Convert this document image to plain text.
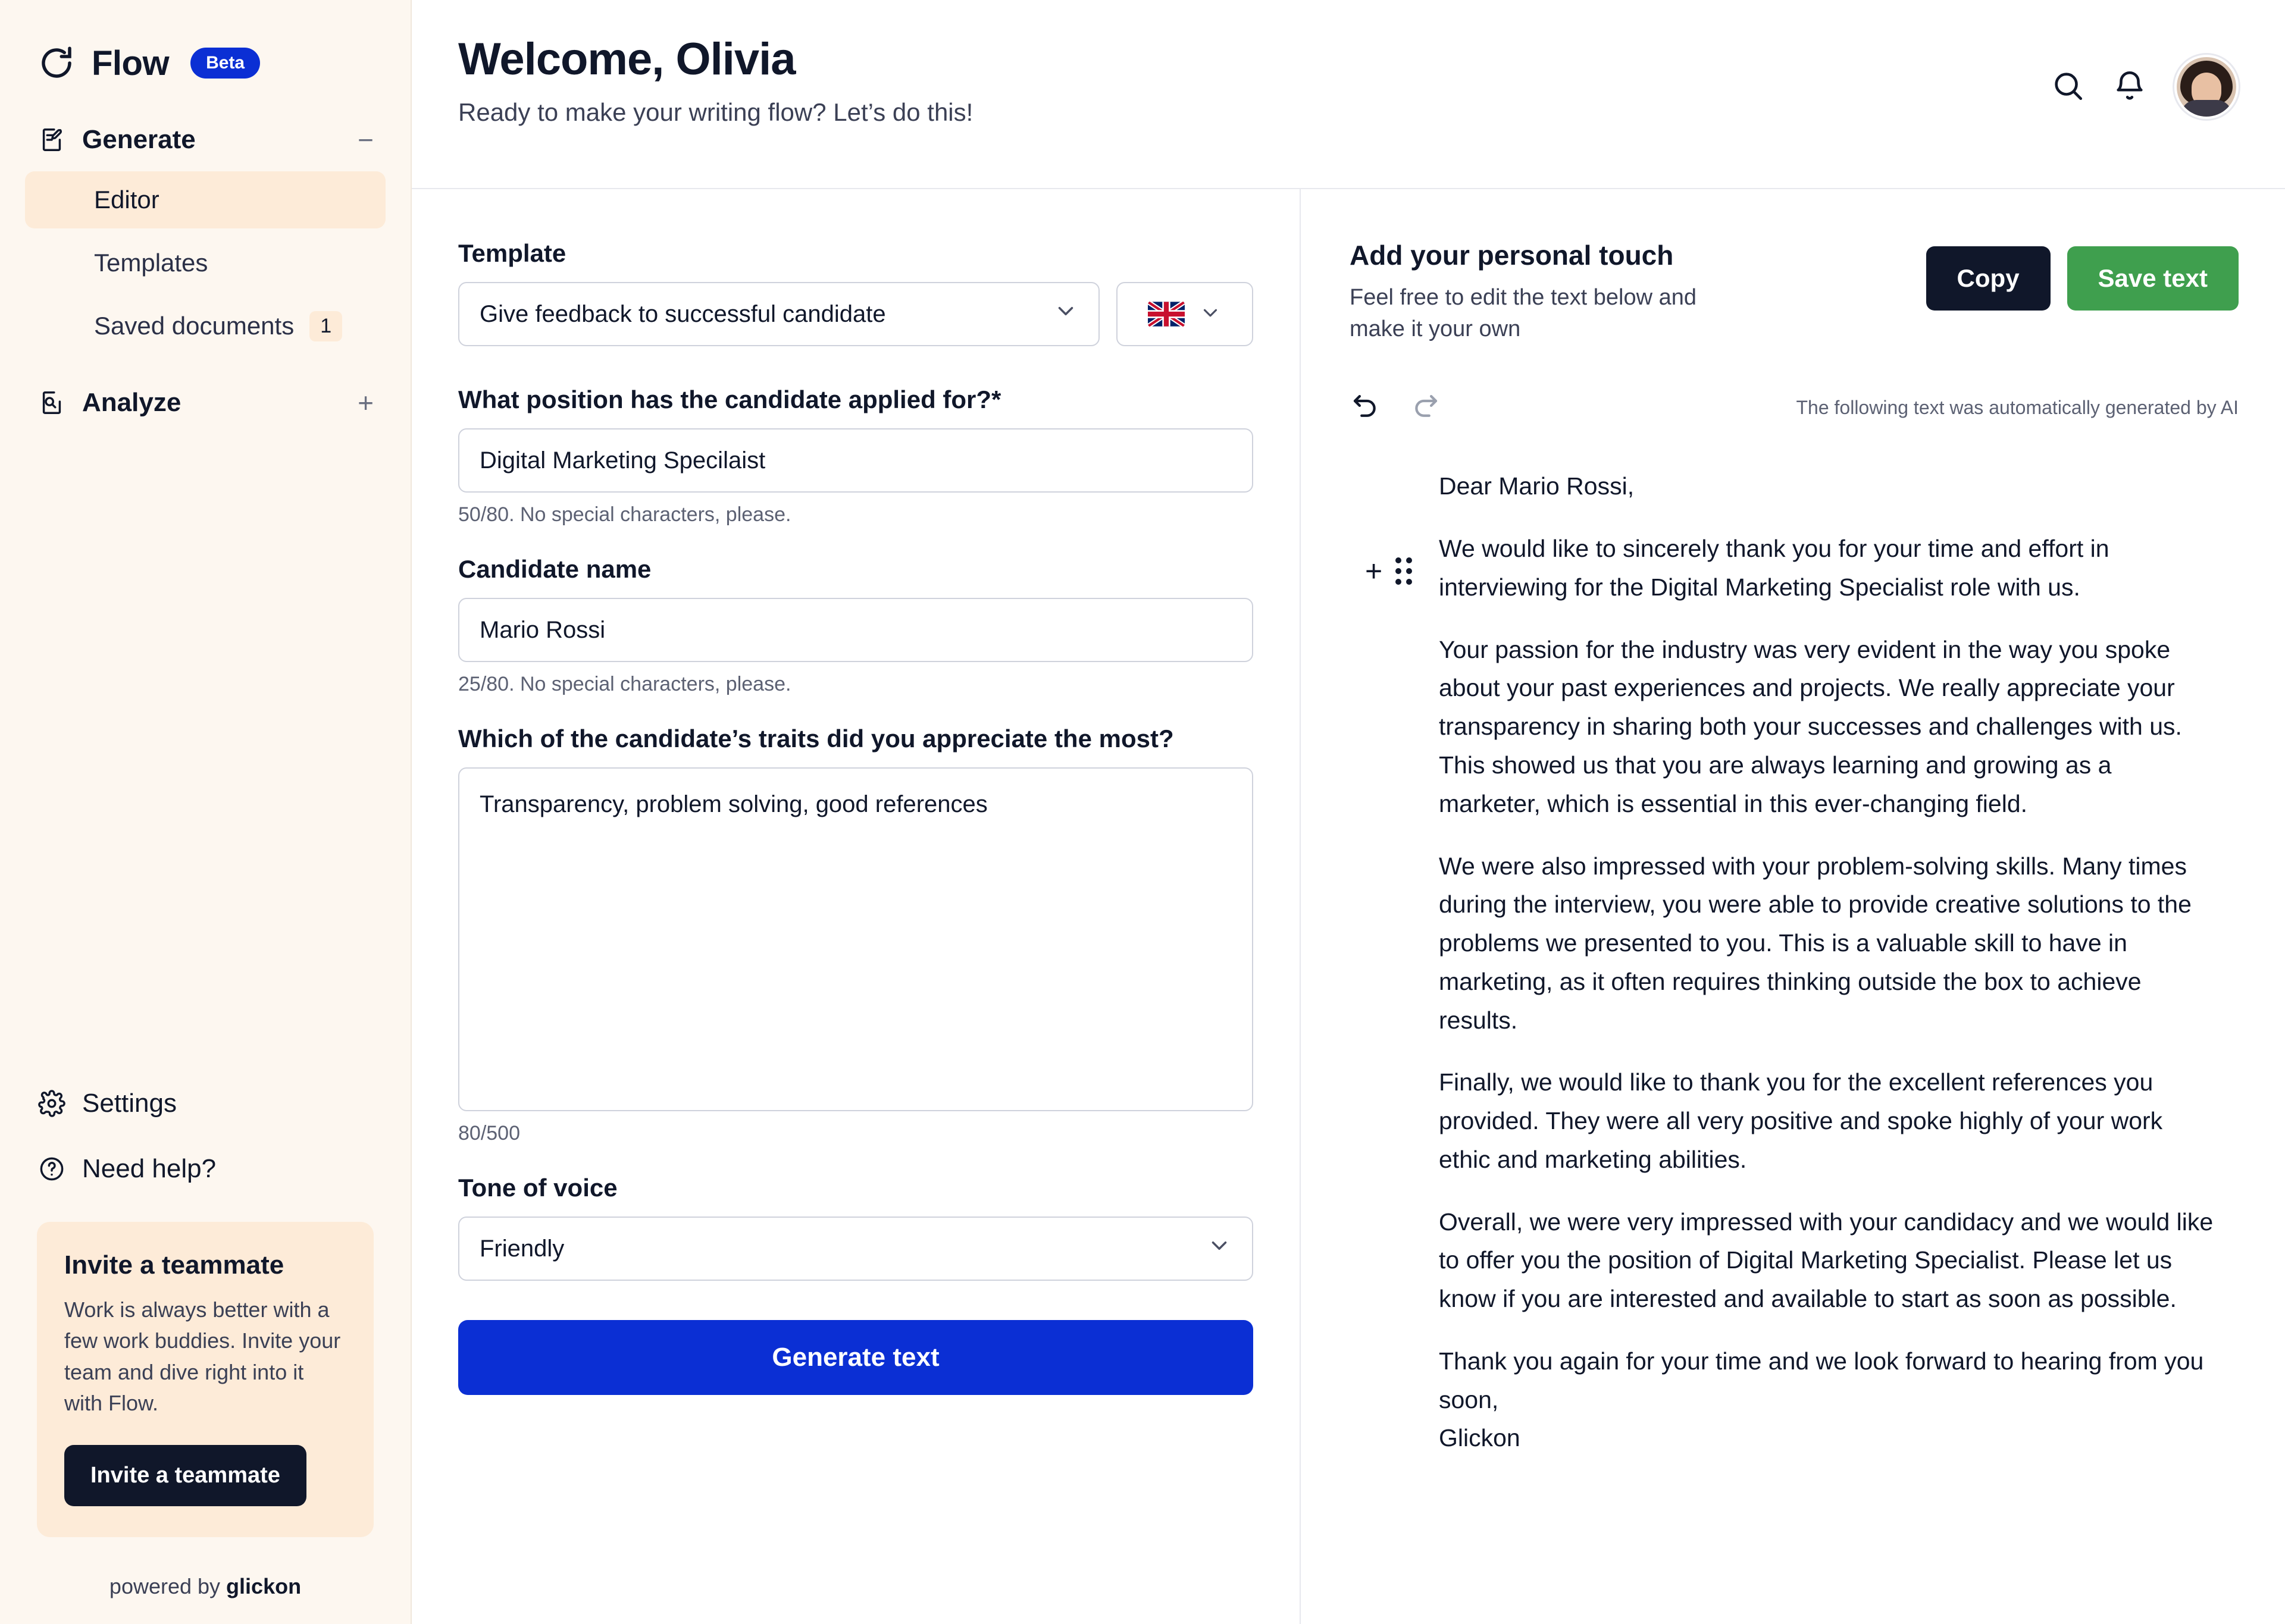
Flow	Beta
Generate	−
Editor
Templates
Saved documents	1
Analyze	+
Settings
Need help?
Invite a teammate
Work is always better with a few work buddies. Invite your team and dive right into it with Flow.
Invite a teammate
powered by glickon
Welcome, Olivia
Ready to make your writing flow? Let’s do this!
Template
Give feedback to successful candidate
What position has the candidate applied for?*
Digital Marketing Specilaist
50/80. No special characters, please.
Candidate name
Mario Rossi
25/80. No special characters, please.
Which of the candidate’s traits did you appreciate the most?
Transparency, problem solving, good references
80/500
Tone of voice
Friendly
Generate text
Add your personal touch
Feel free to edit the text below and make it your own
Copy	Save text
The following text was automatically generated by AI
+

Dear Mario Rossi,

We would like to sincerely thank you for your time and effort in interviewing for the Digital Marketing Specialist role with us.

Your passion for the industry was very evident in the way you spoke about your past experiences and projects. We really appreciate your transparency in sharing both your successes and challenges with us. This showed us that you are always learning and growing as a marketer, which is essential in this ever-changing field.

We were also impressed with your problem-solving skills. Many times during the interview, you were able to provide creative solutions to the problems we presented to you. This is a valuable skill to have in marketing, as it often requires thinking outside the box to achieve results.

Finally, we would like to thank you for the excellent references you provided. They were all very positive and spoke highly of your work ethic and marketing abilities.

Overall, we were very impressed with your candidacy and we would like to offer you the position of Digital Marketing Specialist. Please let us know if you are interested and available to start as soon as possible.

Thank you again for your time and we look forward to hearing from you soon,

Glickon
